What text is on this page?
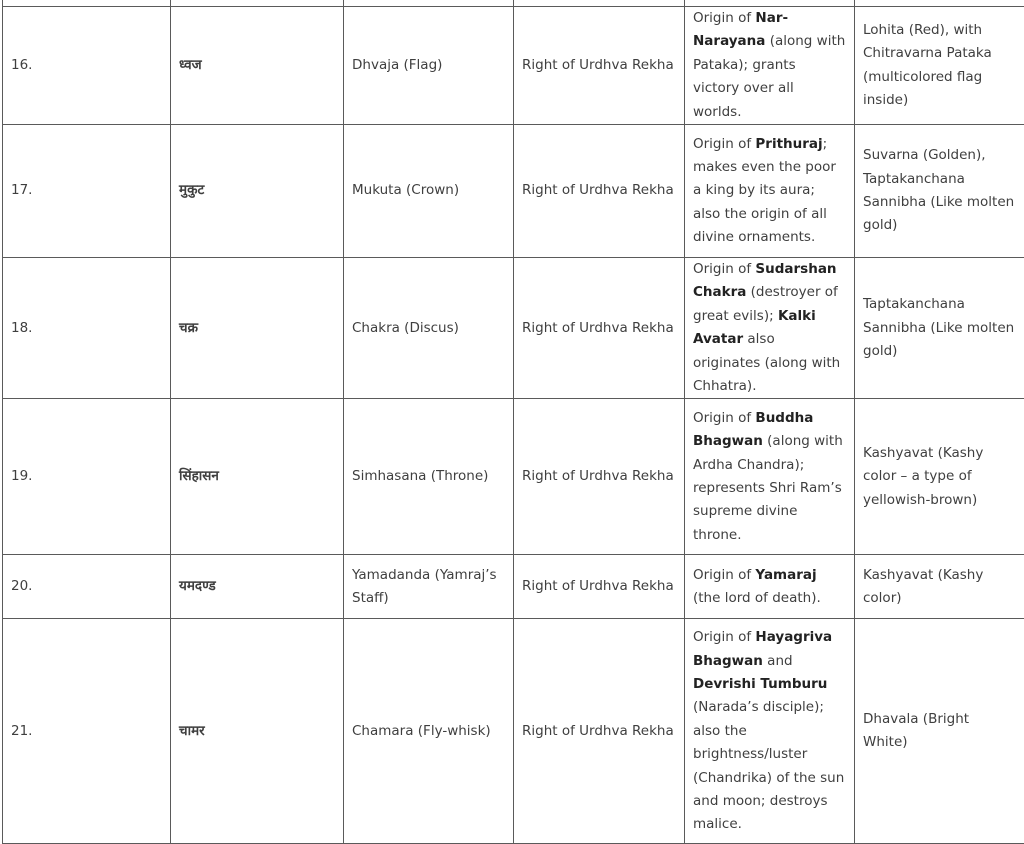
16.	ध्वज	Dhvaja (Flag)	Right of Urdhva Rekha	Origin of Nar-Narayana (along with Pataka); grants victory over all worlds.	Lohita (Red), with Chitravarna Pataka (multicolored flag inside)
17.	मुकुट	Mukuta (Crown)	Right of Urdhva Rekha	Origin of Prithuraj; makes even the poor a king by its aura; also the origin of all divine ornaments.	Suvarna (Golden), Taptakanchana Sannibha (Like molten gold)
18.	चक्र	Chakra (Discus)	Right of Urdhva Rekha	Origin of Sudarshan Chakra (destroyer of great evils); Kalki Avatar also originates (along with Chhatra).	Taptakanchana Sannibha (Like molten gold)
19.	सिंहासन	Simhasana (Throne)	Right of Urdhva Rekha	Origin of Buddha Bhagwan (along with Ardha Chandra); represents Shri Ram’s supreme divine throne.	Kashyavat (Kashy color – a type of yellowish-brown)
20.	यमदण्ड	Yamadanda (Yamraj’s Staff)	Right of Urdhva Rekha	Origin of Yamaraj (the lord of death).	Kashyavat (Kashy color)
21.	चामर	Chamara (Fly-whisk)	Right of Urdhva Rekha	Origin of Hayagriva Bhagwan and Devrishi Tumburu (Narada’s disciple); also the brightness/luster (Chandrika) of the sun and moon; destroys malice.	Dhavala (Bright White)
